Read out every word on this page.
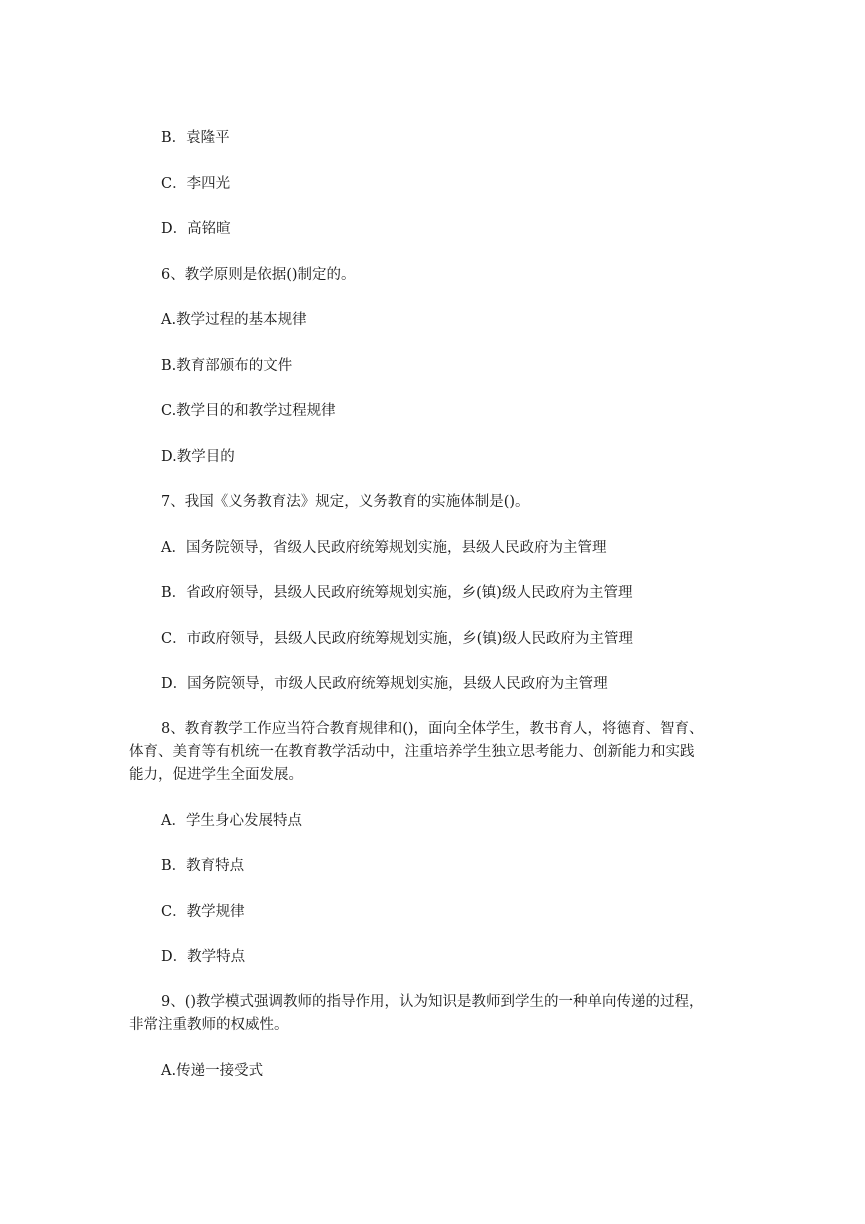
B．袁隆平
C．李四光
D．高铭暄
6、教学原则是依据()制定的。
A.教学过程的基本规律
B.教育部颁布的文件
C.教学目的和教学过程规律
D.教学目的
7、我国《义务教育法》规定，义务教育的实施体制是()。
A．国务院领导，省级人民政府统筹规划实施，县级人民政府为主管理
B．省政府领导，县级人民政府统筹规划实施，乡(镇)级人民政府为主管理
C．市政府领导，县级人民政府统筹规划实施，乡(镇)级人民政府为主管理
D．国务院领导，市级人民政府统筹规划实施，县级人民政府为主管理
8、教育教学工作应当符合教育规律和()，面向全体学生，教书育人，将德育、智育、
体育、美育等有机统一在教育教学活动中，注重培养学生独立思考能力、创新能力和实践
能力，促进学生全面发展。
A．学生身心发展特点
B．教育特点
C．教学规律
D．教学特点
9、()教学模式强调教师的指导作用，认为知识是教师到学生的一种单向传递的过程，
非常注重教师的权威性。
A.传递一接受式
